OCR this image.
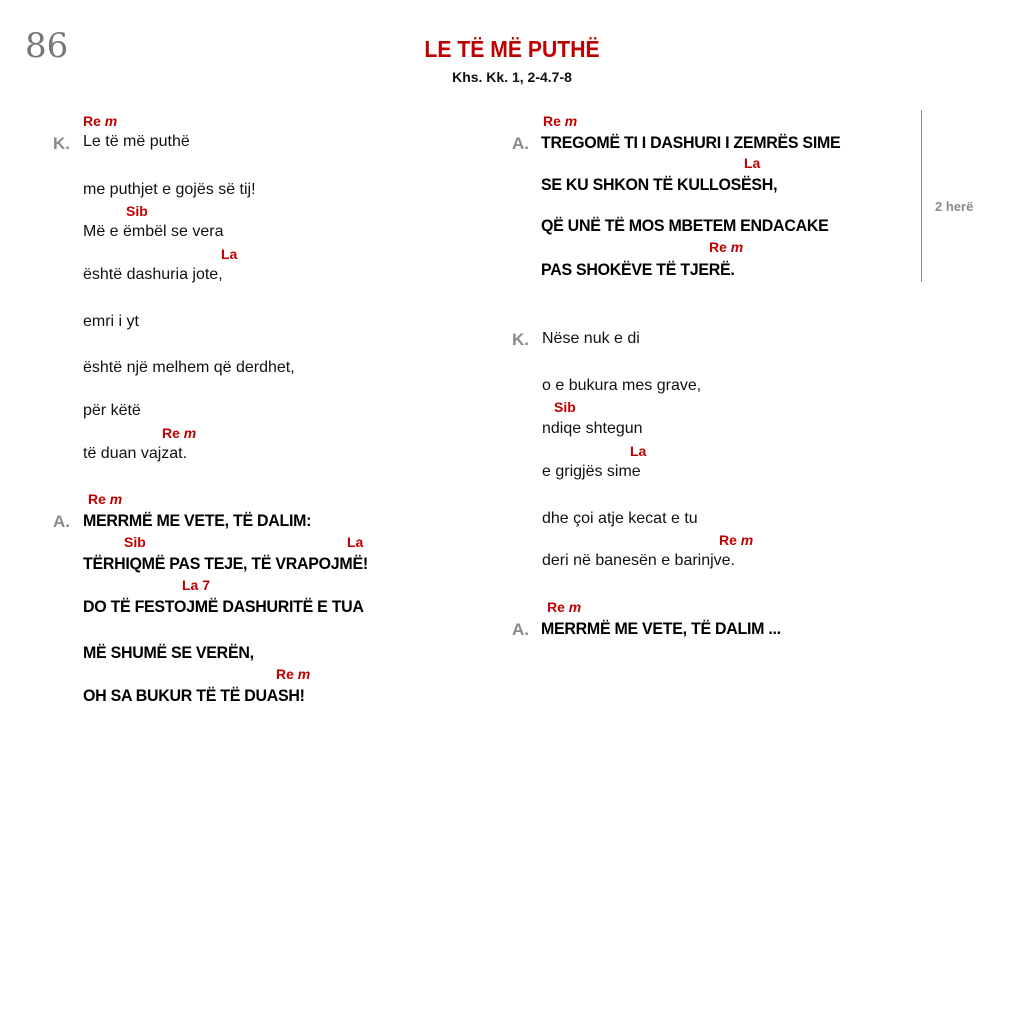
86	LE TË MË PUTHË
Khs. Kk. 1, 2-4.7-8
Re m
K. Le të më puthë
me puthjet e gojës së tij!
Sib
Më e ëmbël se vera
La
është dashuria jote,
emri i yt
është një melhem që derdhet,
për këtë
Re m
të duan vajzat.
Re m
A. MERRMË ME VETE, TË DALIM:
Sib	La
TËRHIQMË PAS TEJE, TË VRAPOJMË!
La 7
DO TË FESTOJMË DASHURITË E TUA
MË SHUMË SE VERËN,
Re m
OH SA BUKUR TË TË DUASH!
Re m
A. TREGOMË TI I DASHURI I ZEMRËS SIME
La
SE KU SHKON TË KULLOSËSH,
QË UNË TË MOS MBETEM ENDACAKE
Re m
PAS SHOKËVE TË TJERË.
2 herë
K. Nëse nuk e di
o e bukura mes grave,
Sib
ndiqe shtegun
La
e grigjës sime
dhe çoi atje kecat e tu
Re m
deri në banesën e barinjve.
Re m
A. MERRMË ME VETE, TË DALIM ...
